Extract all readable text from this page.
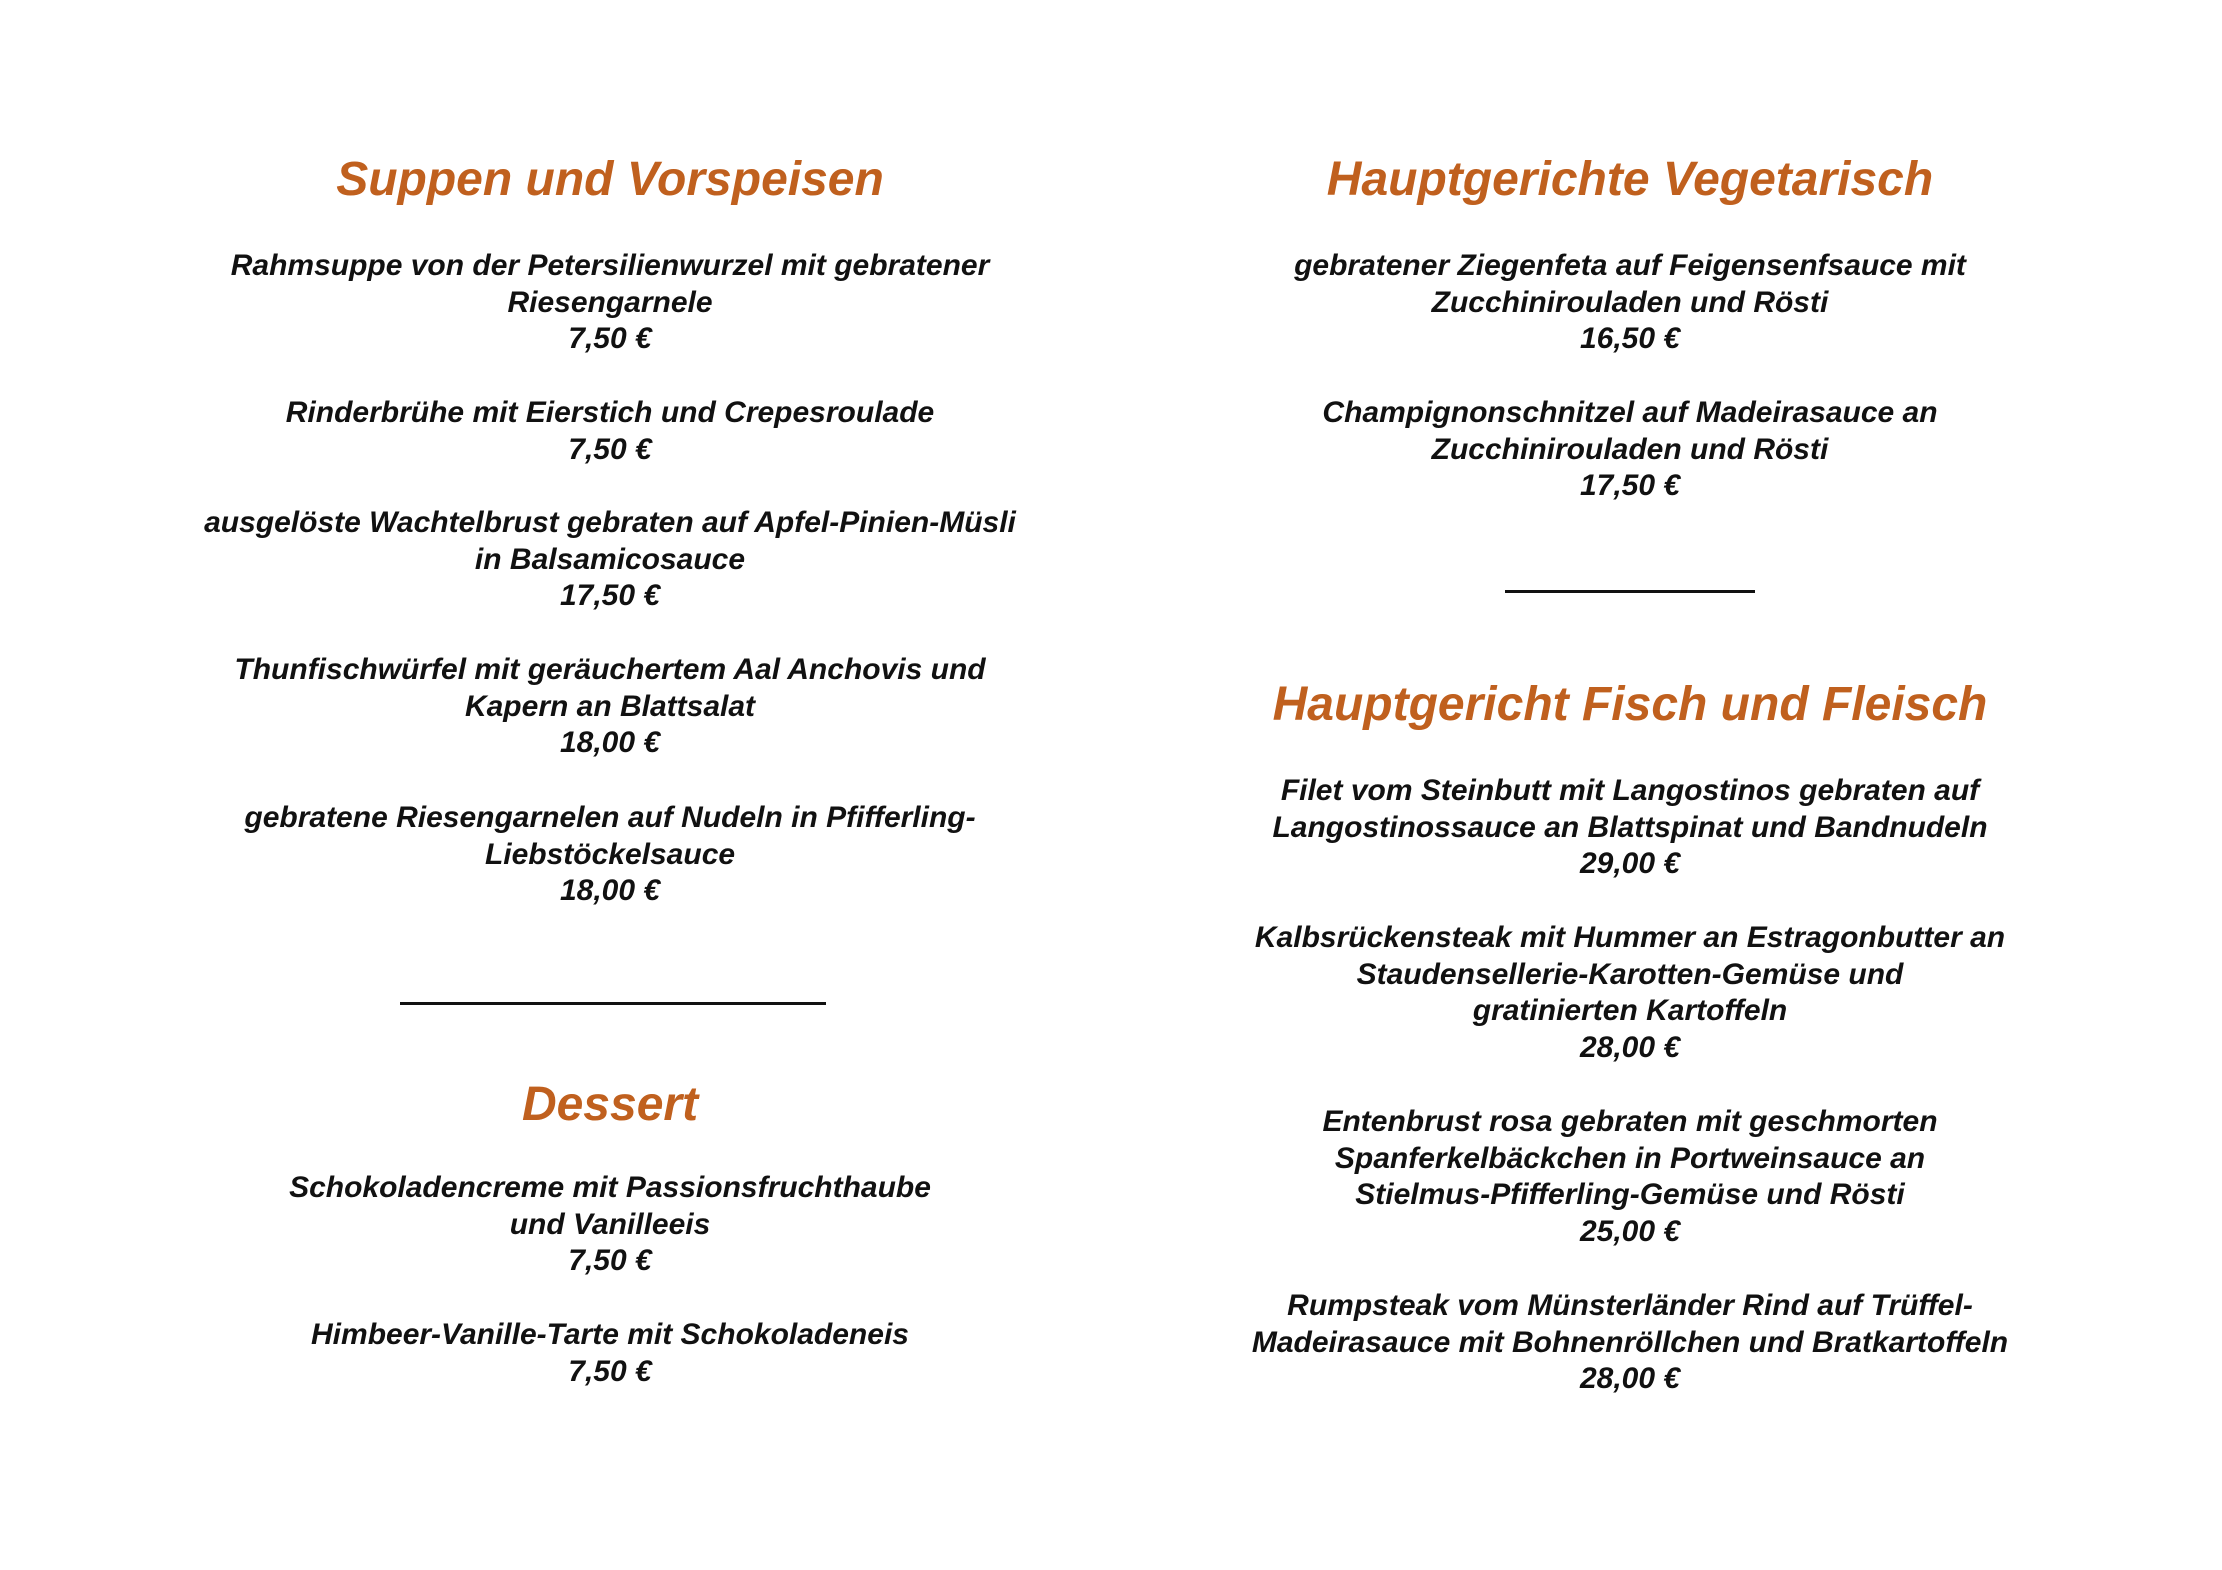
Suppen und Vorspeisen
Rahmsuppe von der Petersilienwurzel mit gebratener
Riesengarnele
7,50 €
Rinderbrühe mit Eierstich und Crepesroulade
7,50 €
ausgelöste Wachtelbrust gebraten auf Apfel-Pinien-Müsli
in Balsamicosauce
17,50 €
Thunfischwürfel mit geräuchertem Aal Anchovis und
Kapern an Blattsalat
18,00 €
gebratene Riesengarnelen auf Nudeln in Pfifferling-
Liebstöckelsauce
18,00 €
Dessert
Schokoladencreme mit Passionsfruchthaube
und Vanilleeis
7,50 €
Himbeer-Vanille-Tarte mit Schokoladeneis
7,50 €
Hauptgerichte Vegetarisch
gebratener Ziegenfeta auf Feigensenfsauce mit
Zucchinirouladen und Rösti
16,50 €
Champignonschnitzel auf Madeirasauce an
Zucchinirouladen und Rösti
17,50 €
Hauptgericht Fisch und Fleisch
Filet vom Steinbutt mit Langostinos gebraten auf
Langostinossauce an Blattspinat und Bandnudeln
29,00 €
Kalbsrückensteak mit Hummer an Estragonbutter an
Staudensellerie-Karotten-Gemüse und
gratinierten Kartoffeln
28,00 €
Entenbrust rosa gebraten mit geschmorten
Spanferkelbäckchen in Portweinsauce an
Stielmus-Pfifferling-Gemüse und Rösti
25,00 €
Rumpsteak vom Münsterländer Rind auf Trüffel-
Madeirasauce mit Bohnenröllchen und Bratkartoffeln
28,00 €
